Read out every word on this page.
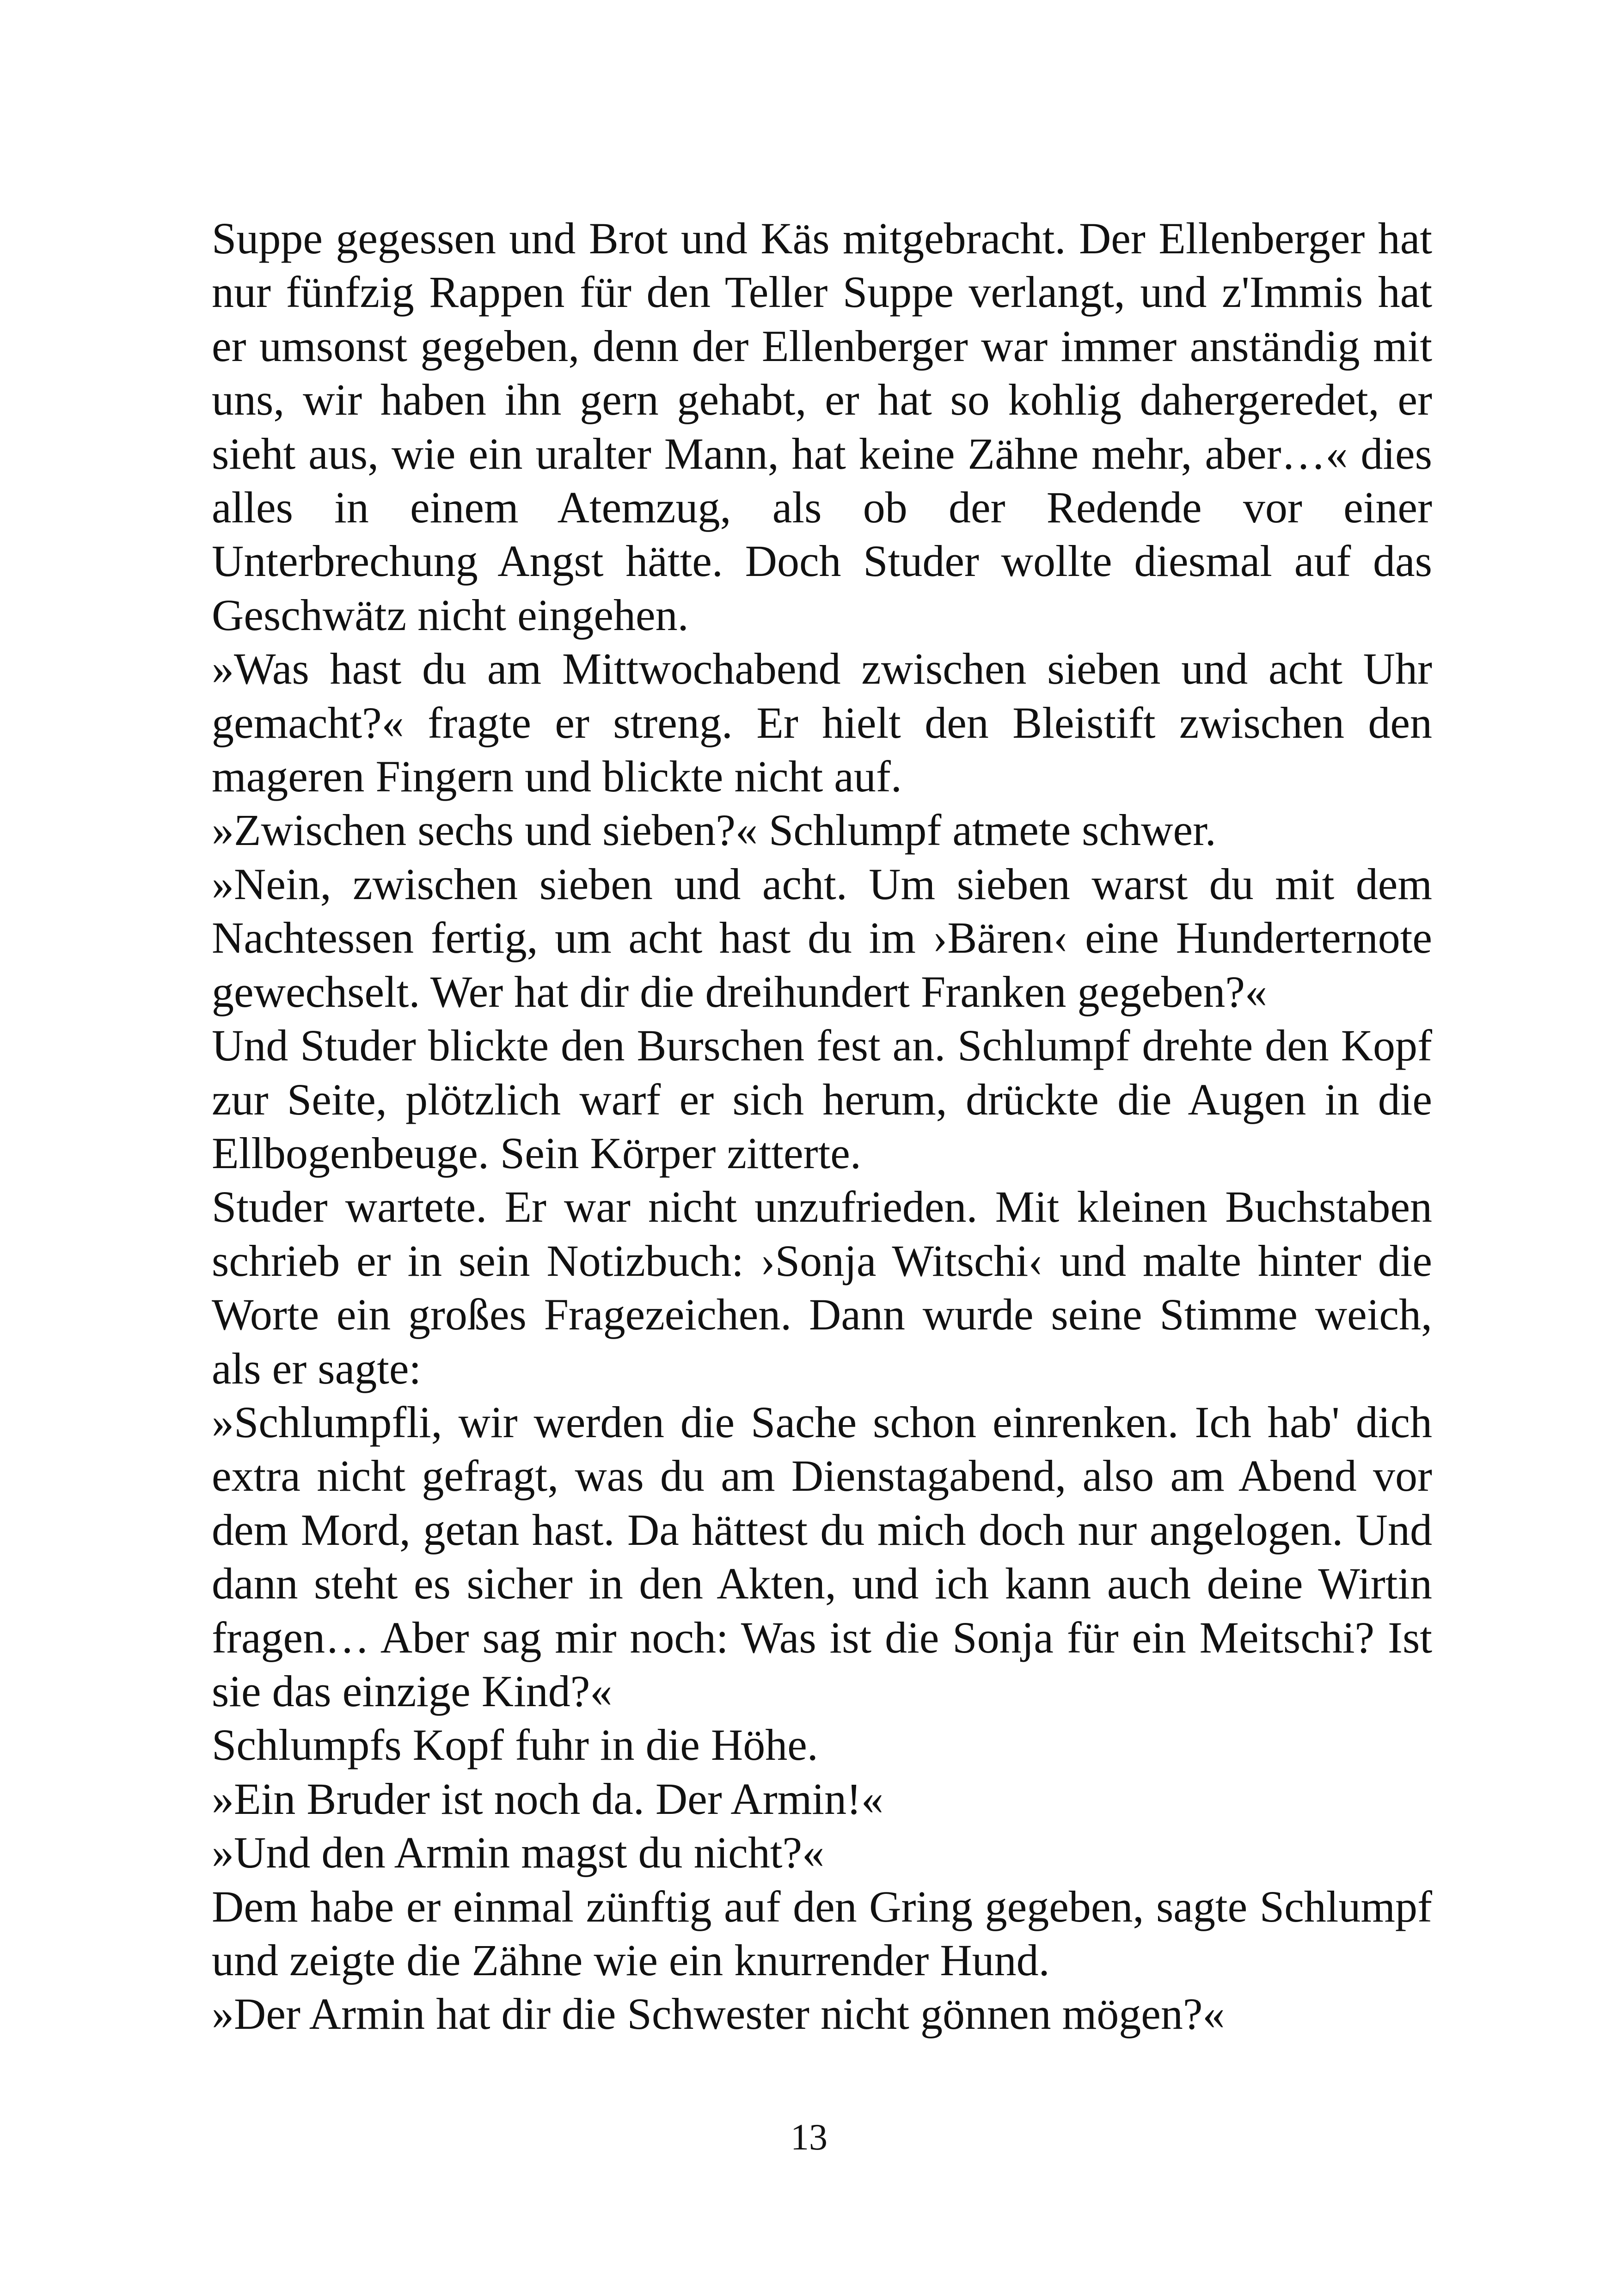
Suppe gegessen und Brot und Käs mitgebracht. Der Ellenberger hat nur fünfzig Rappen für den Teller Suppe verlangt, und z'Immis hat er umsonst gegeben, denn der Ellenberger war immer anständig mit uns, wir haben ihn gern gehabt, er hat so kohlig dahergeredet, er sieht aus, wie ein uralter Mann, hat keine Zähne mehr, aber…« dies alles in einem Atemzug, als ob der Redende vor einer Unterbrechung Angst hätte. Doch Studer wollte diesmal auf das Geschwätz nicht eingehen.

»Was hast du am Mittwochabend zwischen sieben und acht Uhr gemacht?« fragte er streng. Er hielt den Bleistift zwischen den mageren Fingern und blickte nicht auf.

»Zwischen sechs und sieben?« Schlumpf atmete schwer.

»Nein, zwischen sieben und acht. Um sieben warst du mit dem Nachtessen fertig, um acht hast du im ›Bären‹ eine Hunderternote gewechselt. Wer hat dir die dreihundert Franken gegeben?«

Und Studer blickte den Burschen fest an. Schlumpf drehte den Kopf zur Seite, plötzlich warf er sich herum, drückte die Augen in die Ellbogenbeuge. Sein Körper zitterte.

Studer wartete. Er war nicht unzufrieden. Mit kleinen Buchstaben schrieb er in sein Notizbuch: ›Sonja Witschi‹ und malte hinter die Worte ein großes Fragezeichen. Dann wurde seine Stimme weich, als er sagte:

»Schlumpfli, wir werden die Sache schon einrenken. Ich hab' dich extra nicht gefragt, was du am Dienstagabend, also am Abend vor dem Mord, getan hast. Da hättest du mich doch nur angelogen. Und dann steht es sicher in den Akten, und ich kann auch deine Wirtin fragen… Aber sag mir noch: Was ist die Sonja für ein Meitschi? Ist sie das einzige Kind?«

Schlumpfs Kopf fuhr in die Höhe.

»Ein Bruder ist noch da. Der Armin!«

»Und den Armin magst du nicht?«

Dem habe er einmal zünftig auf den Gring gegeben, sagte Schlumpf und zeigte die Zähne wie ein knurrender Hund.

»Der Armin hat dir die Schwester nicht gönnen mögen?«

13
